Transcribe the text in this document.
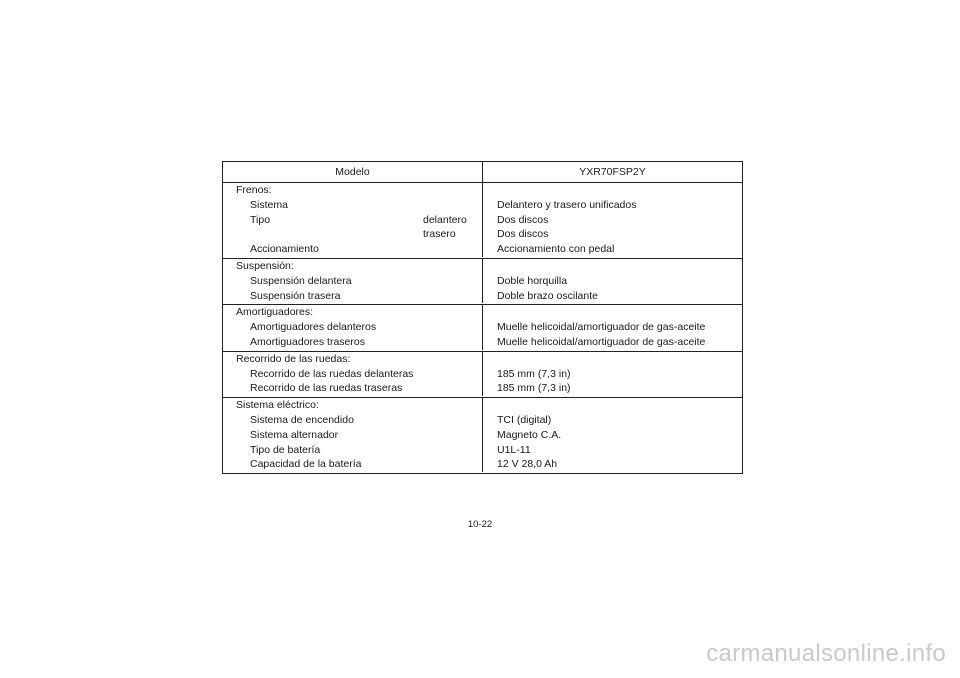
Modelo	YXR70FSP2Y
Frenos:
Sistema
Tipo	delantero
trasero
Accionamiento
Delantero y trasero unificados
Dos discos
Dos discos
Accionamiento con pedal
Suspensión:
Suspensión delantera
Suspensión trasera
Doble horquilla
Doble brazo oscilante
Amortiguadores:
Amortiguadores delanteros
Amortiguadores traseros
Muelle helicoidal/amortiguador de gas-aceite
Muelle helicoidal/amortiguador de gas-aceite
Recorrido de las ruedas:
Recorrido de las ruedas delanteras
Recorrido de las ruedas traseras
185 mm (7,3 in)
185 mm (7,3 in)
Sistema eléctrico:
Sistema de encendido
Sistema alternador
Tipo de batería
Capacidad de la batería
TCI (digital)
Magneto C.A.
U1L-11
12 V 28,0 Ah
10-22
carmanualsonline.info
